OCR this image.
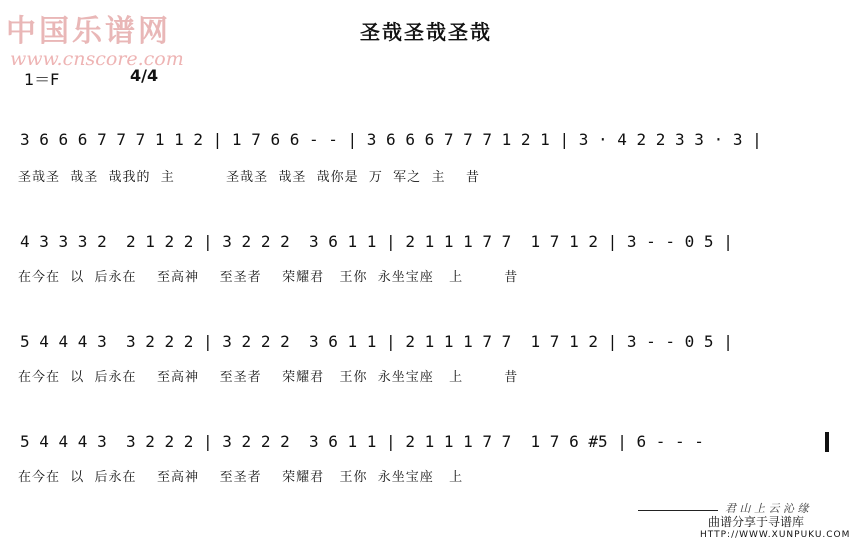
中国乐谱网
www.cnscore.com
圣哉圣哉圣哉
1＝F	4/4
3 6 6 6 7 7 7 1 1 2 | 1 7 6 6 - - | 3 6 6 6 7 7 7 1 2 1 | 3 · 4 2 2 3 3 · 3 |
圣哉圣  哉圣  哉我的  主          圣哉圣  哉圣  哉你是  万  军之  主    昔
4 3 3 3 2  2 1 2 2 | 3 2 2 2  3 6 1 1 | 2 1 1 1 7 7  1 7 1 2 | 3 - - 0 5 |
在今在  以  后永在    至高神    至圣者    荣耀君   王你  永坐宝座   上        昔
5 4 4 4 3  3 2 2 2 | 3 2 2 2  3 6 1 1 | 2 1 1 1 7 7  1 7 1 2 | 3 - - 0 5 |
在今在  以  后永在    至高神    至圣者    荣耀君   王你  永坐宝座   上        昔
5 4 4 4 3  3 2 2 2 | 3 2 2 2  3 6 1 1 | 2 1 1 1 7 7  1 7 6 #5 | 6 - - -
在今在  以  后永在    至高神    至圣者    荣耀君   王你  永坐宝座   上
君 山 上 云 沁 缘
曲谱分享于寻谱库
HTTP://WWW.XUNPUKU.COM
